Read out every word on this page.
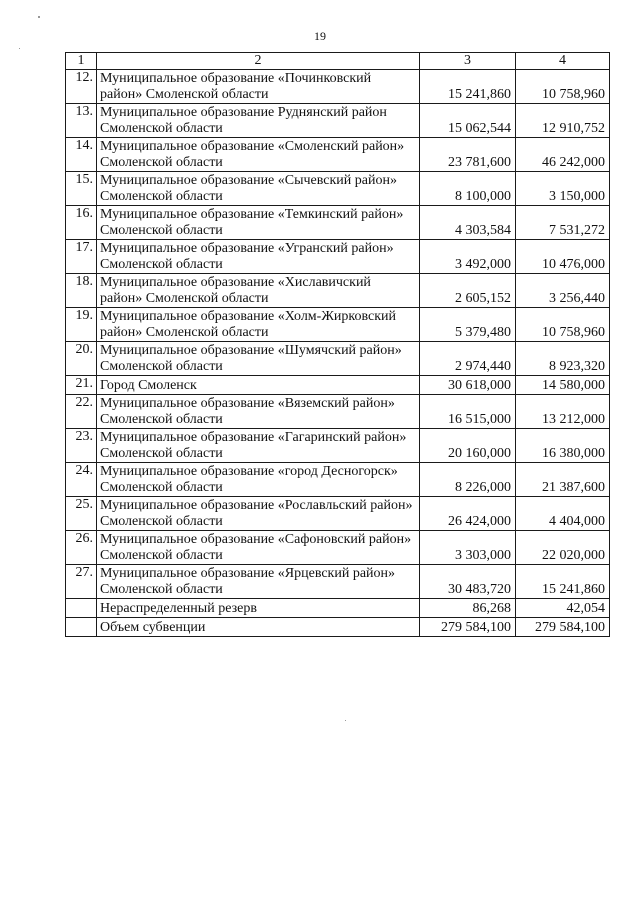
19
1	2	3	4
12.	Муниципальное образование «Починковский район» Смоленской области	15 241,860	10 758,960
13.	Муниципальное образование Руднянский район Смоленской области	15 062,544	12 910,752
14.	Муниципальное образование «Смоленский район» Смоленской области	23 781,600	46 242,000
15.	Муниципальное образование «Сычевский район» Смоленской области	8 100,000	3 150,000
16.	Муниципальное образование «Темкинский район» Смоленской области	4 303,584	7 531,272
17.	Муниципальное образование «Угранский район» Смоленской области	3 492,000	10 476,000
18.	Муниципальное образование «Хиславичский район» Смоленской области	2 605,152	3 256,440
19.	Муниципальное образование «Холм-Жирковский район» Смоленской области	5 379,480	10 758,960
20.	Муниципальное образование «Шумячский район» Смоленской области	2 974,440	8 923,320
21.	Город Смоленск	30 618,000	14 580,000
22.	Муниципальное образование «Вяземский район» Смоленской области	16 515,000	13 212,000
23.	Муниципальное образование «Гагаринский район» Смоленской области	20 160,000	16 380,000
24.	Муниципальное образование «город Десногорск» Смоленской области	8 226,000	21 387,600
25.	Муниципальное образование «Рославльский район» Смоленской области	26 424,000	4 404,000
26.	Муниципальное образование «Сафоновский район» Смоленской области	3 303,000	22 020,000
27.	Муниципальное образование «Ярцевский район» Смоленской области	30 483,720	15 241,860
	Нераспределенный резерв	86,268	42,054
	Объем субвенции	279 584,100	279 584,100
